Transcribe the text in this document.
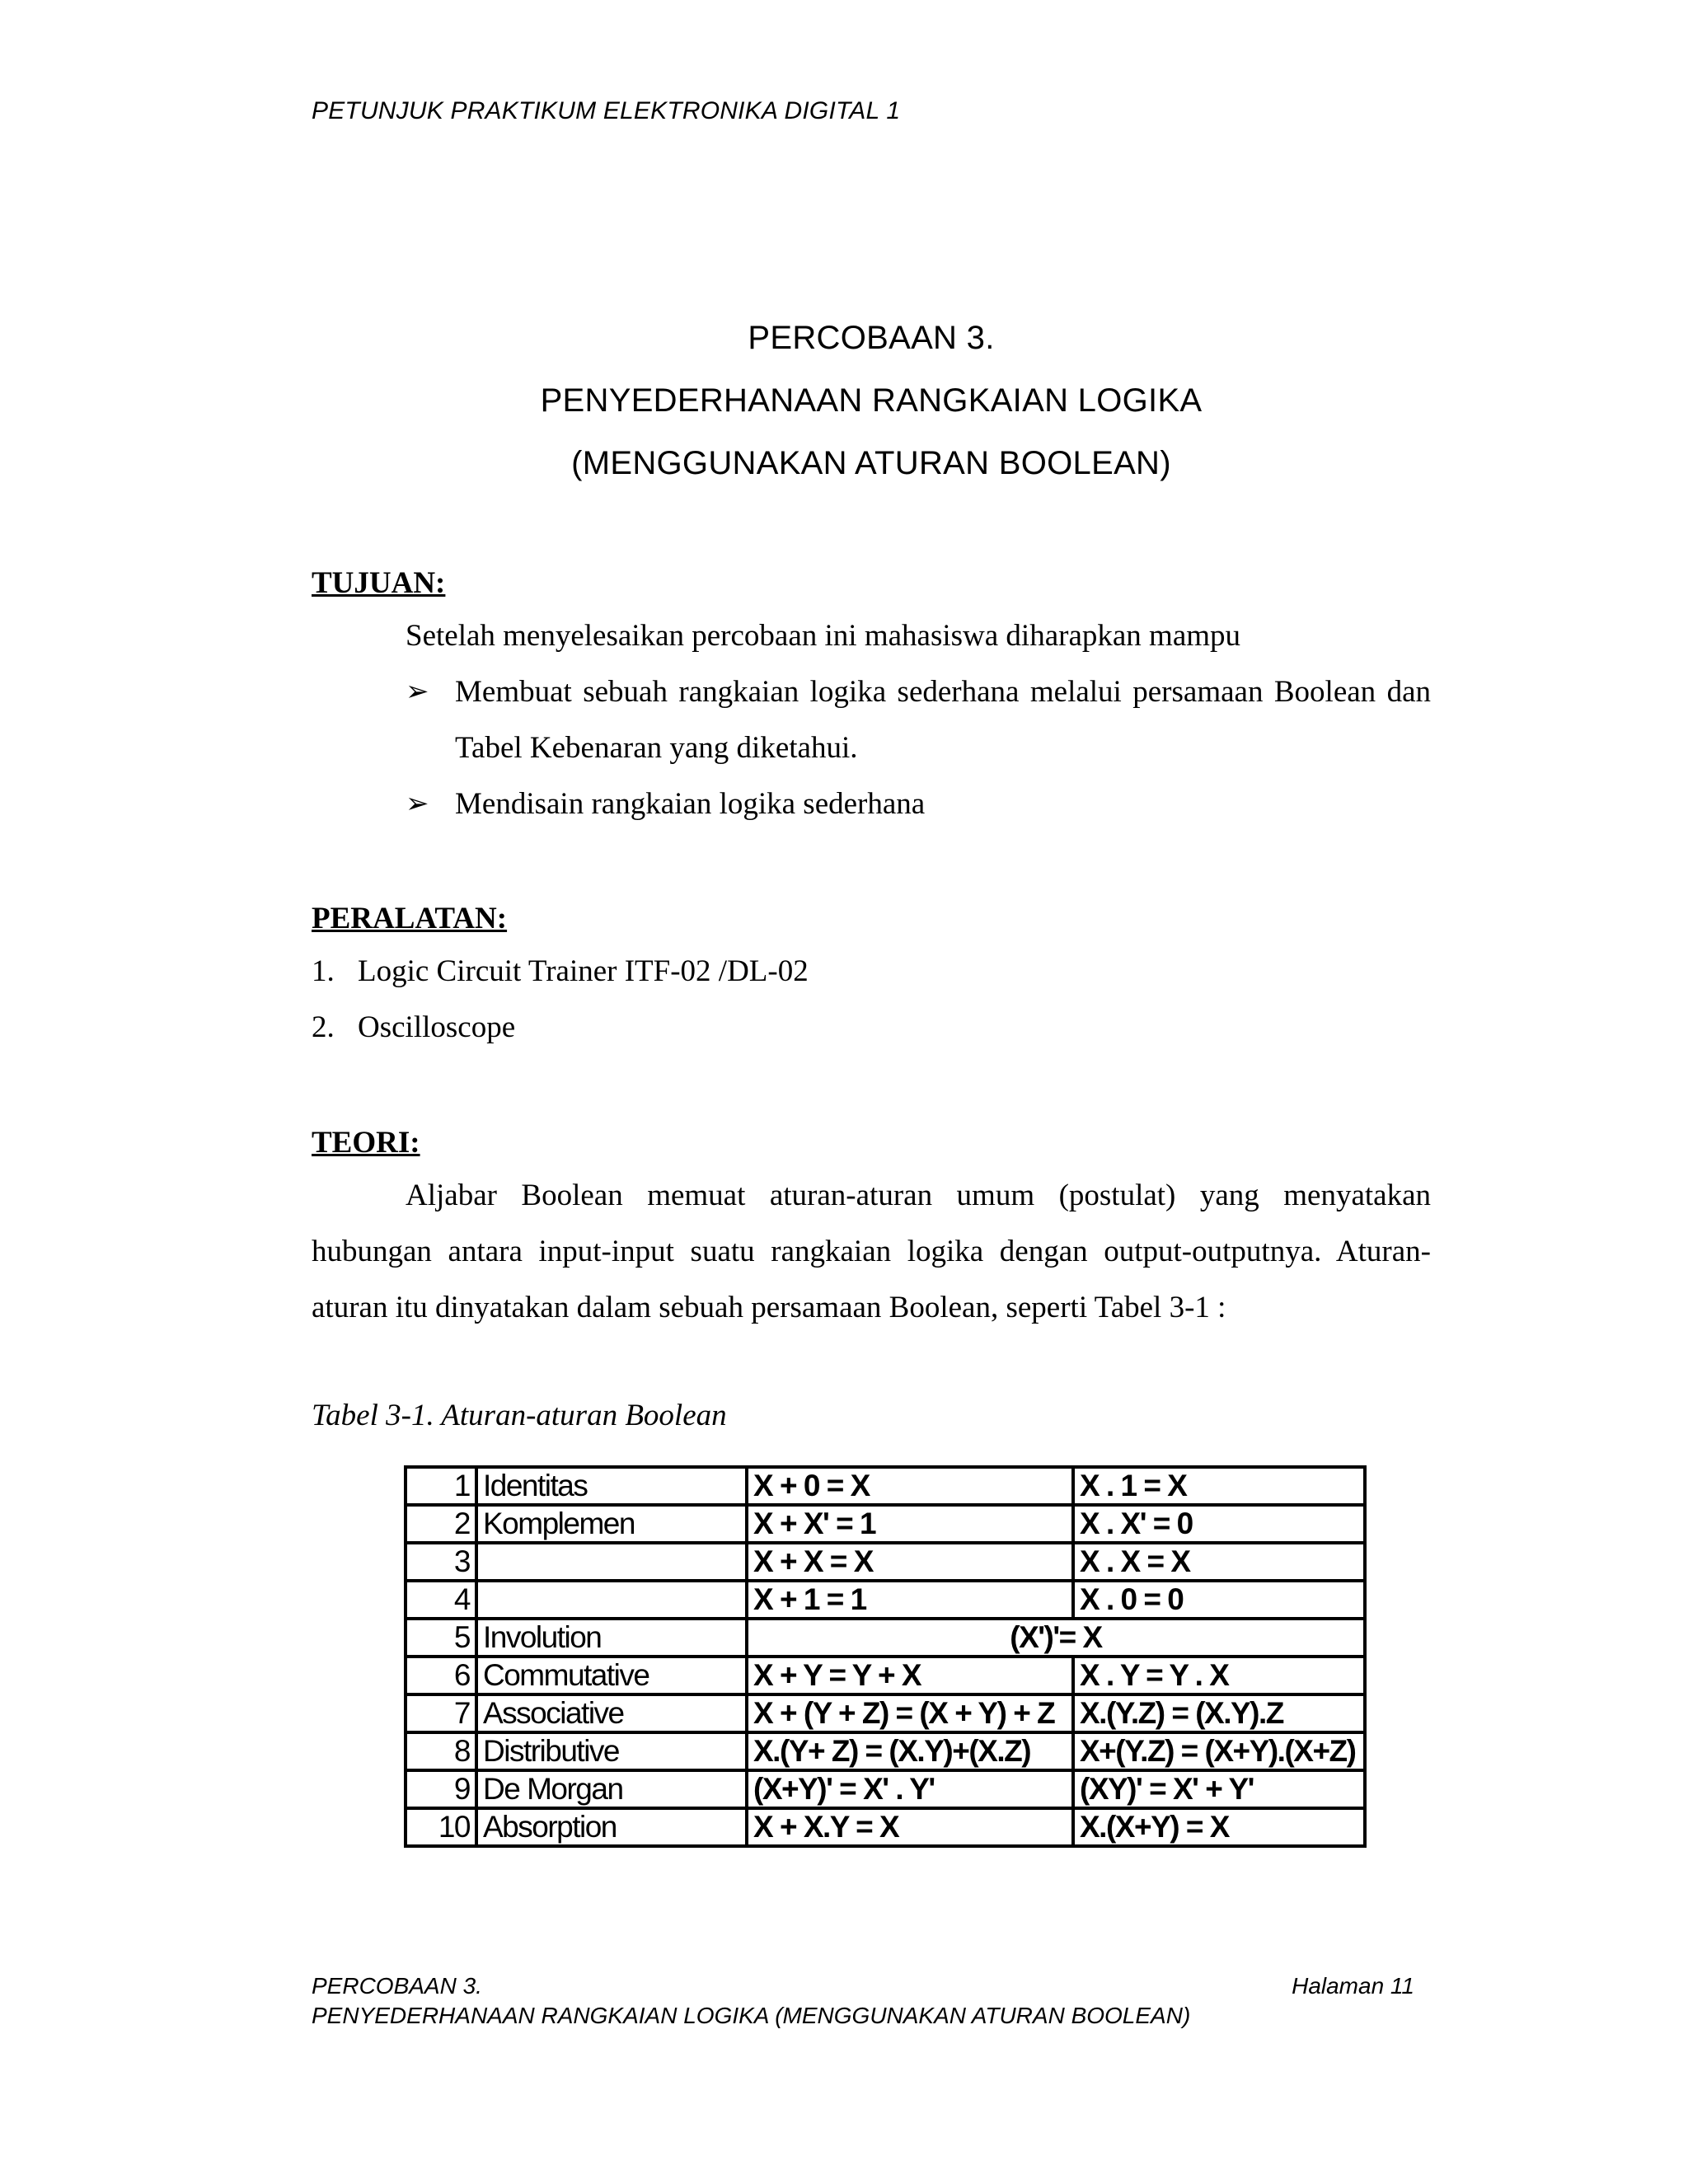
PETUNJUK PRAKTIKUM ELEKTRONIKA DIGITAL 1
PERCOBAAN 3.
PENYEDERHANAAN RANGKAIAN LOGIKA
(MENGGUNAKAN ATURAN BOOLEAN)
TUJUAN:
Setelah menyelesaikan percobaan ini mahasiswa diharapkan mampu
➢ Membuat sebuah rangkaian logika sederhana melalui persamaan Boolean dan Tabel Kebenaran yang diketahui.
➢ Mendisain rangkaian logika sederhana
PERALATAN:
1. Logic Circuit Trainer ITF-02 /DL-02
2. Oscilloscope
TEORI:
Aljabar Boolean memuat aturan-aturan umum (postulat) yang menyatakan hubungan antara input-input suatu rangkaian logika dengan output-outputnya. Aturan-aturan itu dinyatakan dalam sebuah persamaan Boolean, seperti Tabel 3-1 :
Tabel 3-1. Aturan-aturan Boolean
1	Identitas	X + 0 = X	X . 1 = X
2	Komplemen	X + X' = 1	X . X' = 0
3		X + X = X	X . X = X
4		X + 1 = 1	X . 0 = 0
5	Involution	(X')'= X	
6	Commutative	X + Y = Y + X	X . Y = Y . X
7	Associative	X + (Y + Z) = (X + Y) + Z	X.(Y.Z) = (X.Y).Z
8	Distributive	X.(Y+ Z) = (X.Y)+(X.Z)	X+(Y.Z) = (X+Y).(X+Z)
9	De Morgan	(X+Y)' = X' . Y'	(XY)' = X' + Y'
10	Absorption	X + X.Y = X	X.(X+Y) = X
PERCOBAAN 3.
PENYEDERHANAAN RANGKAIAN LOGIKA (MENGGUNAKAN ATURAN BOOLEAN)
Halaman 11
